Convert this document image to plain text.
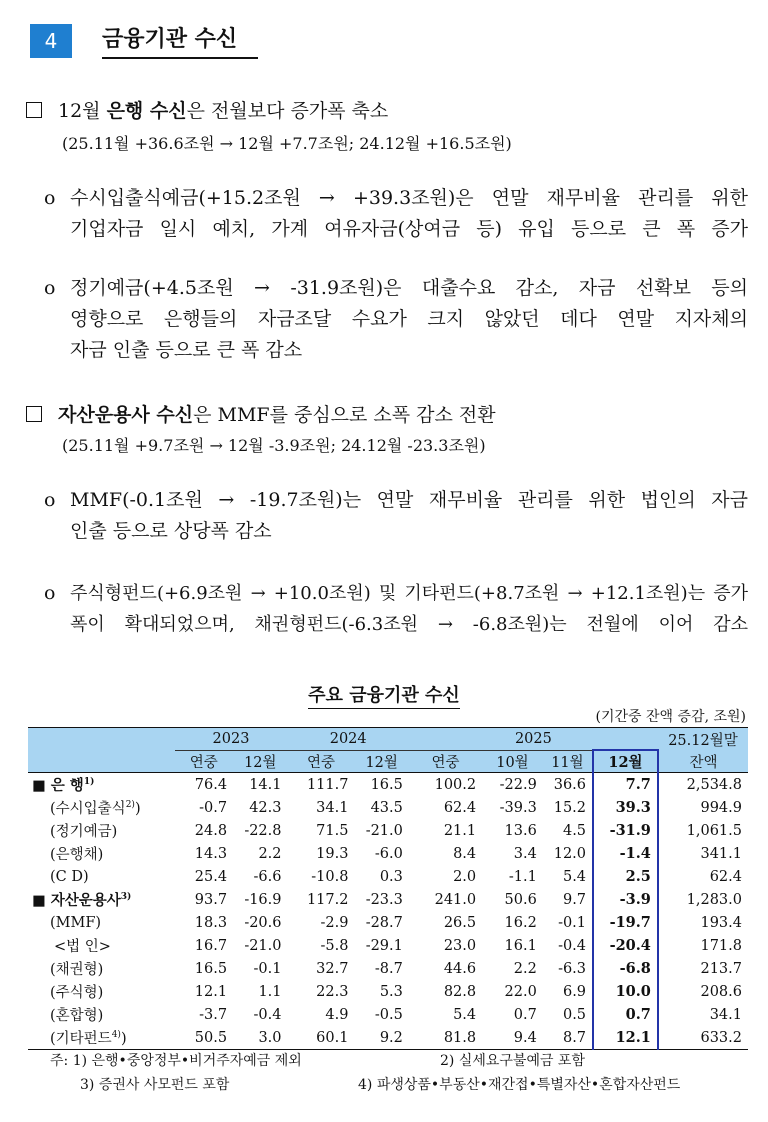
4	금융기관 수신
12월 은행 수신 은 전월보다 증가폭 축소
(25.11월 +36.6조원 → 12월 +7.7조원; 24.12월 +16.5조원)
o 수시입출식예금(+15.2조원 → +39.3조원)은 연말 재무비율 관리를 위한
기업자금 일시 예치, 가계 여유자금(상여금 등) 유입 등으로 큰 폭 증가
o 정기예금(+4.5조원 → -31.9조원)은 대출수요 감소, 자금 선확보 등의
영향으로 은행들의 자금조달 수요가 크지 않았던 데다 연말 지자체의
자금 인출 등으로 큰 폭 감소
자산운용사 수신 은 MMF를 중심으로 소폭 감소 전환
(25.11월 +9.7조원 → 12월 -3.9조원; 24.12월 -23.3조원)
o MMF(-0.1조원 → -19.7조원)는 연말 재무비율 관리를 위한 법인의 자금
인출 등으로 상당폭 감소
o 주식형펀드(+6.9조원 → +10.0조원) 및 기타펀드(+8.7조원 → +12.1조원)는 증가
폭이 확대되었으며, 채권형펀드(-6.3조원 → -6.8조원)는 전월에 이어 감소
주요 금융기관 수신
(기간중 잔액 증감, 조원)
	2023		2024		2025				25.12월말
	연중	12월	연중	12월	연중	10월	11월	12월	잔액
■ 은 행$^{1)}$	76.4	14.1	111.7	16.5	100.2	-22.9	36.6	7.7	2,534.8
(수시입출식$^{2)}$)	-0.7	42.3	34.1	43.5	62.4	-39.3	15.2	39.3	994.9
(정기예금)	24.8	-22.8	71.5	-21.0	21.1	13.6	4.5	-31.9	1,061.5
(은행채)	14.3	2.2	19.3	-6.0	8.4	3.4	12.0	-1.4	341.1
(C D)	25.4	-6.6	-10.8	0.3	2.0	-1.1	5.4	2.5	62.4
■ 자산운용사$^{3)}$	93.7	-16.9	117.2	-23.3	241.0	50.6	9.7	-3.9	1,283.0
(MMF)	18.3	-20.6	-2.9	-28.7	26.5	16.2	-0.1	-19.7	193.4
<법 인>	16.7	-21.0	-5.8	-29.1	23.0	16.1	-0.4	-20.4	171.8
(채권형)	16.5	-0.1	32.7	-8.7	44.6	2.2	-6.3	-6.8	213.7
(주식형)	12.1	1.1	22.3	5.3	82.8	22.0	6.9	10.0	208.6
(혼합형)	-3.7	-0.4	4.9	-0.5	5.4	0.7	0.5	0.7	34.1
(기타펀드$^{4)}$)	50.5	3.0	60.1	9.2	81.8	9.4	8.7	12.1	633.2
주: 1) 은행•중앙정부•비거주자예금 제외	2) 실세요구불예금 포함
3) 증권사 사모펀드 포함	4) 파생상품•부동산•재간접•특별자산•혼합자산펀드
